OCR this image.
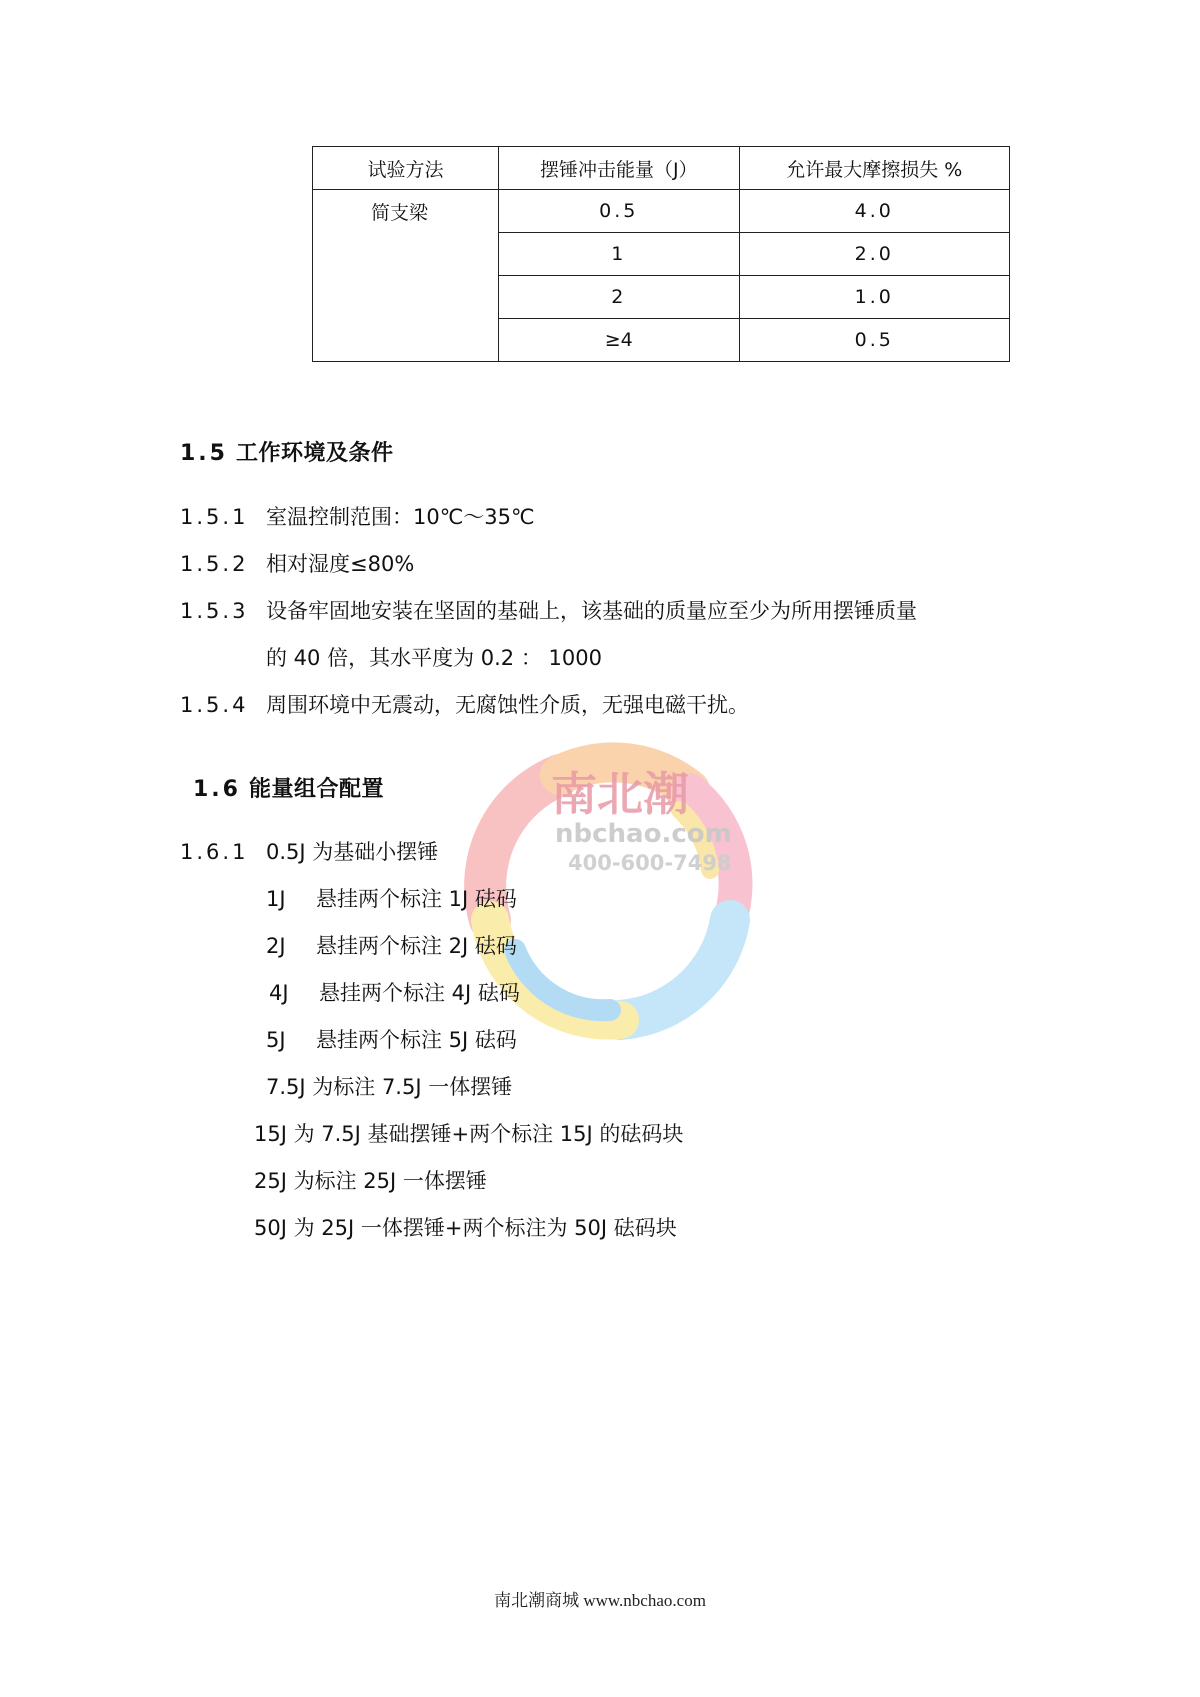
试验方法	摆锤冲击能量（J）	允许最大摩擦损失 %
简支梁	0.5	4.0
	1	2.0
	2	1.0
	≥4	0.5
南北潮
nbchao.com
400-600-7498
1.5 工作环境及条件
1.5.1 室温控制范围：10℃～35℃
1.5.2 相对湿度≤80%
1.5.3 设备牢固地安装在坚固的基础上，该基础的质量应至少为所用摆锤质量
的 40 倍，其水平度为 0.2 ： 1000
1.5.4 周围环境中无震动，无腐蚀性介质，无强电磁干扰。
1.6 能量组合配置
1.6.1 0.5J 为基础小摆锤
1J 悬挂两个标注 1J 砝码
2J 悬挂两个标注 2J 砝码
4J 悬挂两个标注 4J 砝码
5J 悬挂两个标注 5J 砝码
7.5J 为标注 7.5J 一体摆锤
15J 为 7.5J 基础摆锤+两个标注 15J 的砝码块
25J 为标注 25J 一体摆锤
50J 为 25J 一体摆锤+两个标注为 50J 砝码块
南北潮商城 www.nbchao.com
